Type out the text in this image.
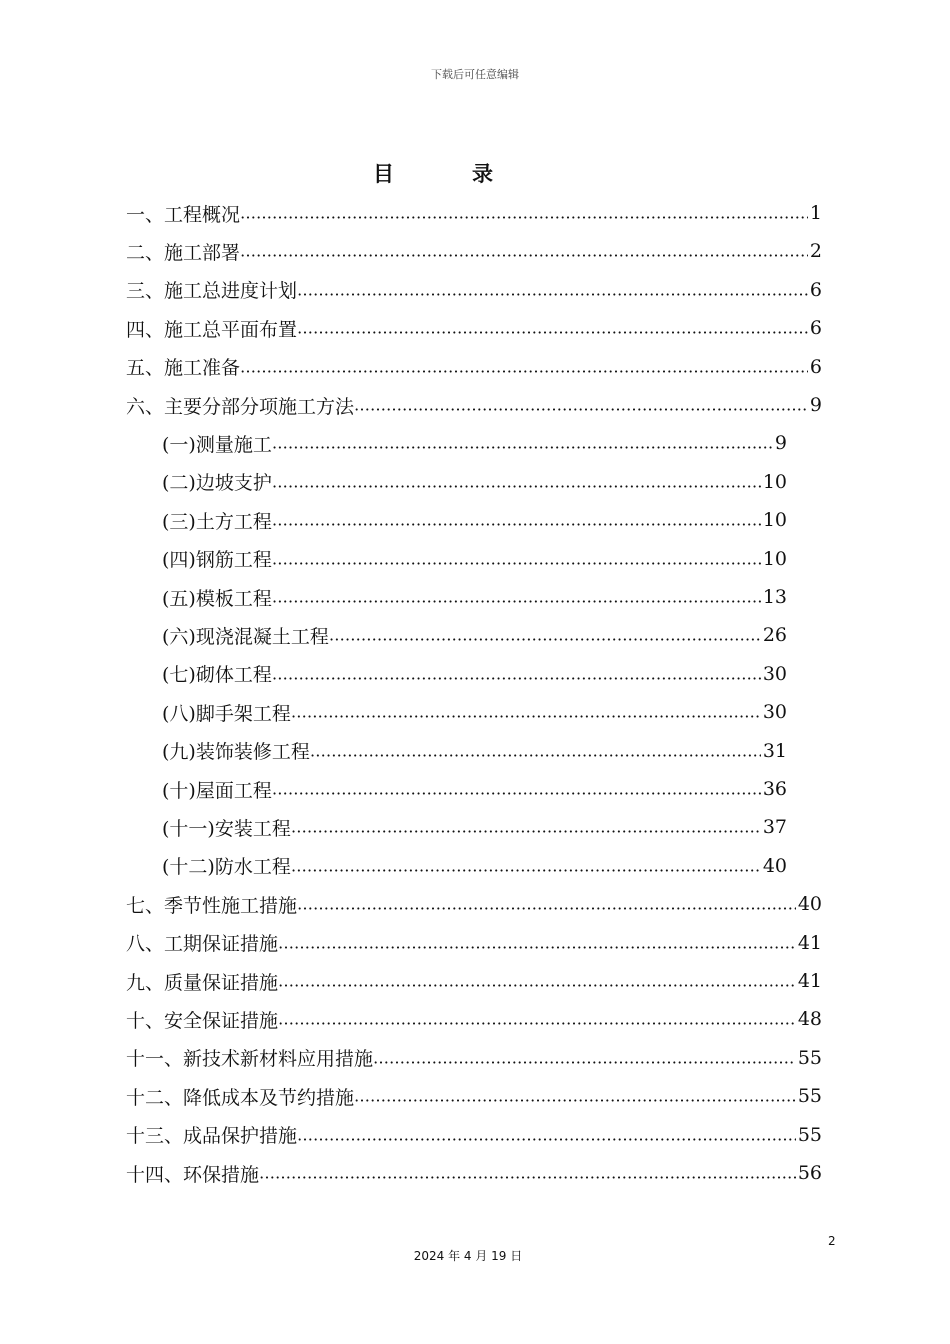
下载后可任意编辑
目	录
一、工程概况 ……………………………………………………………………………………………………………………………………………………………………………………	1
二、施工部署 ……………………………………………………………………………………………………………………………………………………………………………………	2
三、施工总进度计划 ……………………………………………………………………………………………………………………………………………………………………………………	6
四、施工总平面布置 ……………………………………………………………………………………………………………………………………………………………………………………	6
五、施工准备 ……………………………………………………………………………………………………………………………………………………………………………………	6
六、主要分部分项施工方法 ……………………………………………………………………………………………………………………………………………………………………………………	9
(一)测量施工 ……………………………………………………………………………………………………………………………………………………………………………………	9
(二)边坡支护 ……………………………………………………………………………………………………………………………………………………………………………………	10
(三)土方工程 ……………………………………………………………………………………………………………………………………………………………………………………	10
(四)钢筋工程 ……………………………………………………………………………………………………………………………………………………………………………………	10
(五)模板工程 ……………………………………………………………………………………………………………………………………………………………………………………	13
(六)现浇混凝土工程 ……………………………………………………………………………………………………………………………………………………………………………………	26
(七)砌体工程 ……………………………………………………………………………………………………………………………………………………………………………………	30
(八)脚手架工程 ……………………………………………………………………………………………………………………………………………………………………………………	30
(九)装饰装修工程 ……………………………………………………………………………………………………………………………………………………………………………………	31
(十)屋面工程 ……………………………………………………………………………………………………………………………………………………………………………………	36
(十一)安装工程 ……………………………………………………………………………………………………………………………………………………………………………………	37
(十二)防水工程 ……………………………………………………………………………………………………………………………………………………………………………………	40
七、季节性施工措施 ……………………………………………………………………………………………………………………………………………………………………………………	40
八、工期保证措施 ……………………………………………………………………………………………………………………………………………………………………………………	41
九、质量保证措施 ……………………………………………………………………………………………………………………………………………………………………………………	41
十、安全保证措施 ……………………………………………………………………………………………………………………………………………………………………………………	48
十一、新技术新材料应用措施 ……………………………………………………………………………………………………………………………………………………………………………………	55
十二、降低成本及节约措施 ……………………………………………………………………………………………………………………………………………………………………………………	55
十三、成品保护措施 ……………………………………………………………………………………………………………………………………………………………………………………	55
十四、环保措施 ……………………………………………………………………………………………………………………………………………………………………………………	56
2
2024 年 4 月 19 日
